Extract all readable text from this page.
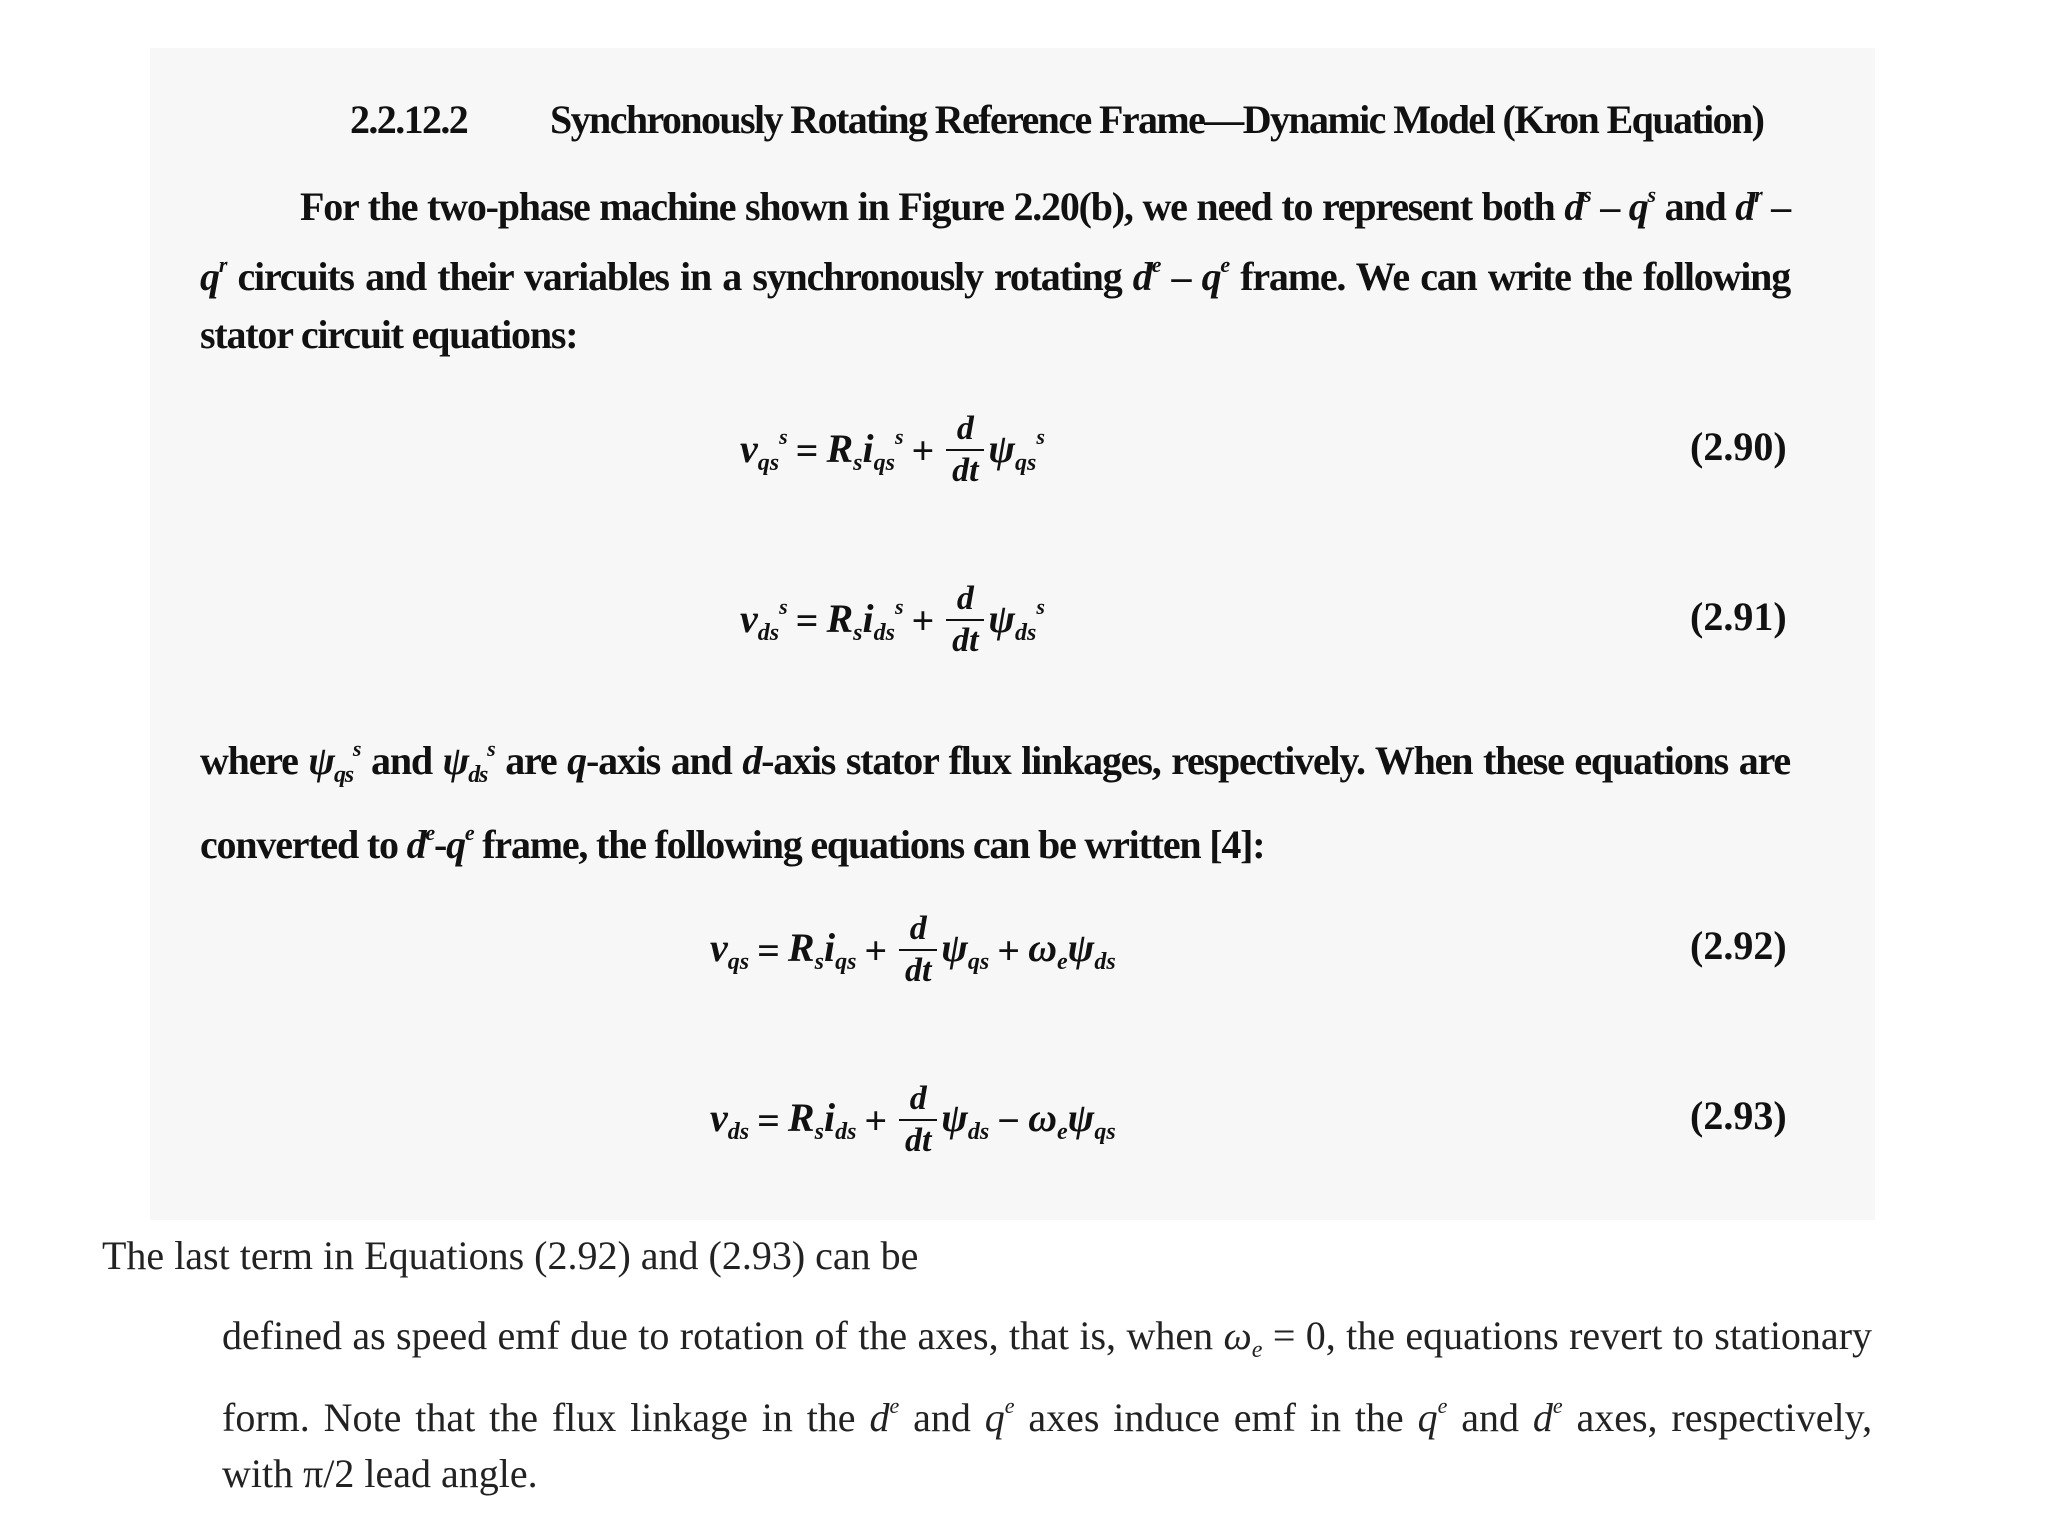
2.2.12.2 Synchronously Rotating Reference Frame—Dynamic Model (Kron Equation)
For the two-phase machine shown in Figure 2.20(b), we need to represent both $d^s - q^s$ and $d^r - q^r$ circuits and their variables in a synchronously rotating $d^e - q^e$ frame. We can write the following stator circuit equations:
$v_{qs}^s = R_si_{qs}^s + \frac{d}{dt} \psi_{qs}^s$	(2.90)
$v_{ds}^s = R_si_{ds}^s + \frac{d}{dt} \psi_{ds}^s$	(2.91)
where $\psi_{qs}^s$ and $\psi_{ds}^s$ are q-axis and d-axis stator flux linkages, respectively. When these equations are converted to $d^e-q^e$ frame, the following equations can be written [4]:
$v_{qs} = R_si_{qs} + \frac{d}{dt} \psi_{qs} + \omega_e\psi_{ds}$	(2.92)
$v_{ds} = R_si_{ds} + \frac{d}{dt} \psi_{ds} - \omega_e\psi_{qs}$	(2.93)
The last term in Equations (2.92) and (2.93) can be
defined as speed emf due to rotation of the axes, that is, when $\omega_e = 0$, the equations revert to stationary form. Note that the flux linkage in the $d^e$ and $q^e$ axes induce emf in the $q^e$ and $d^e$ axes, respectively, with π/2 lead angle.
